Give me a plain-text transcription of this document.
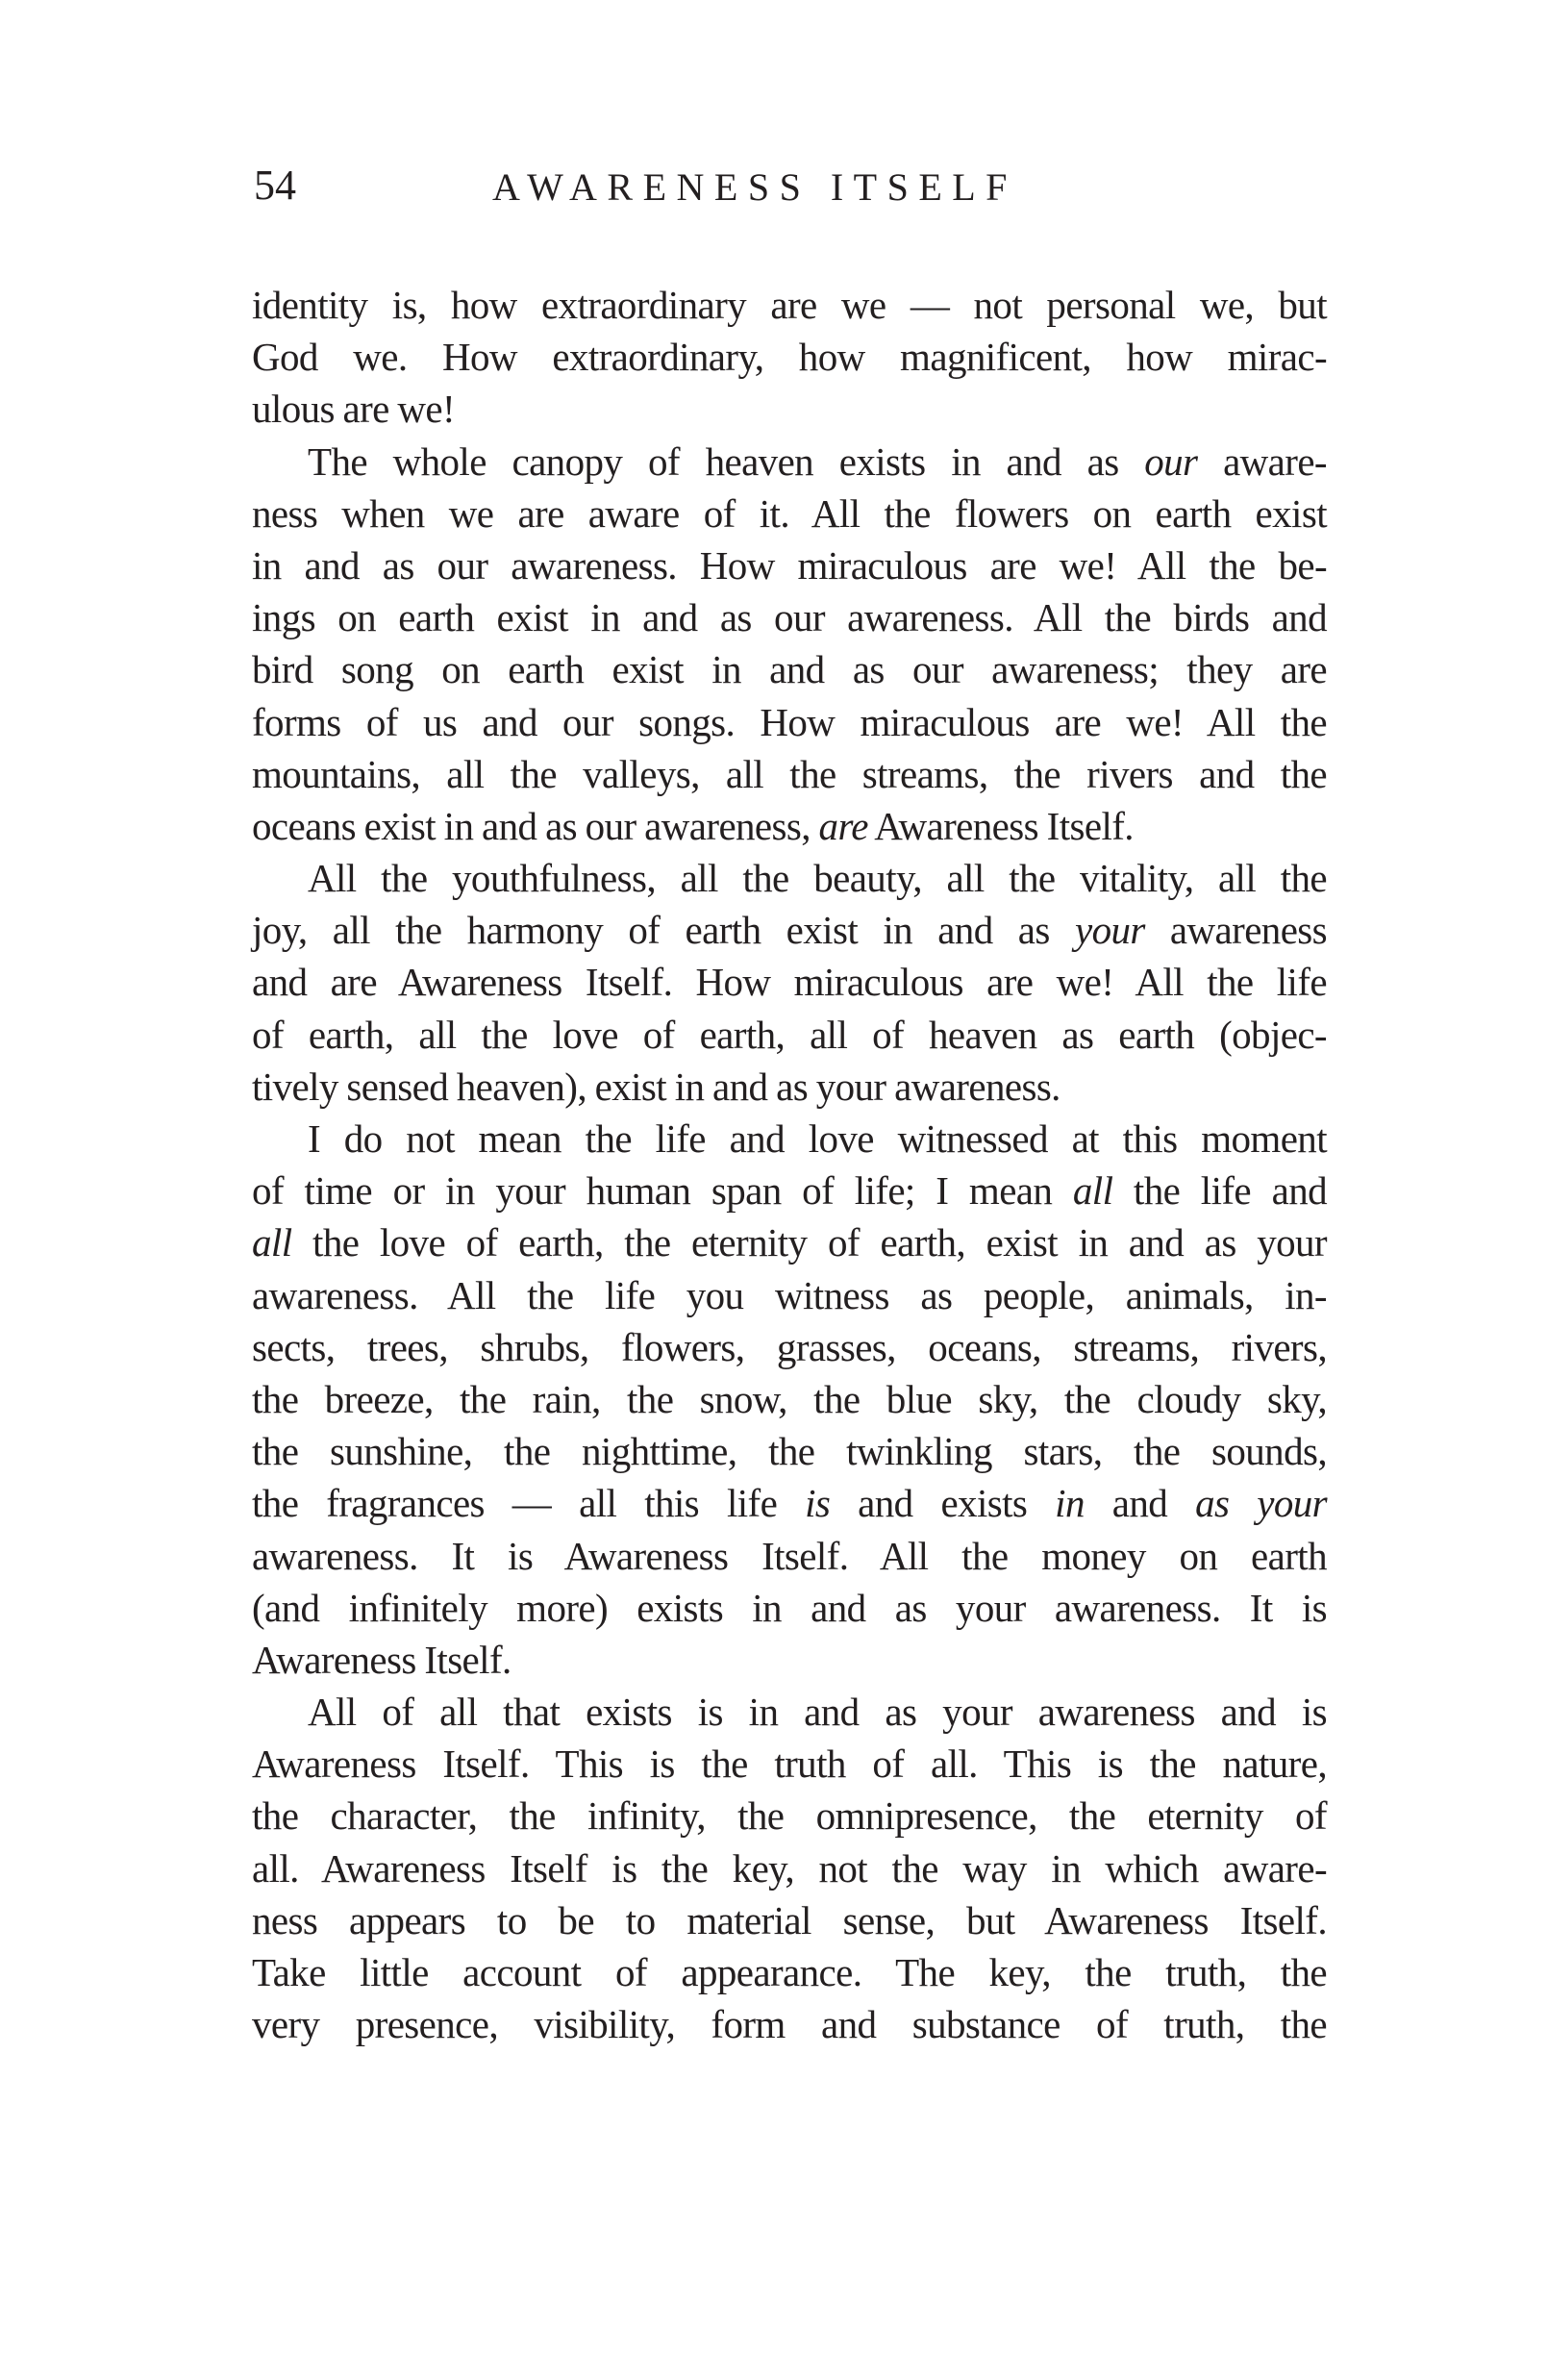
54	AWARENESS ITSELF
identity is, how extraordinary are we — not personal we, but
God we. How extraordinary, how magnificent, how mirac-
ulous are we!
The whole canopy of heaven exists in and as our aware-
ness when we are aware of it. All the flowers on earth exist
in and as our awareness. How miraculous are we! All the be-
ings on earth exist in and as our awareness. All the birds and
bird song on earth exist in and as our awareness; they are
forms of us and our songs. How miraculous are we! All the
mountains, all the valleys, all the streams, the rivers and the
oceans exist in and as our awareness, are Awareness Itself.
All the youthfulness, all the beauty, all the vitality, all the
joy, all the harmony of earth exist in and as your awareness
and are Awareness Itself. How miraculous are we! All the life
of earth, all the love of earth, all of heaven as earth (objec-
tively sensed heaven), exist in and as your awareness.
I do not mean the life and love witnessed at this moment
of time or in your human span of life; I mean all the life and
all the love of earth, the eternity of earth, exist in and as your
awareness. All the life you witness as people, animals, in-
sects, trees, shrubs, flowers, grasses, oceans, streams, rivers,
the breeze, the rain, the snow, the blue sky, the cloudy sky,
the sunshine, the nighttime, the twinkling stars, the sounds,
the fragrances — all this life is and exists in and as your
awareness. It is Awareness Itself. All the money on earth
(and infinitely more) exists in and as your awareness. It is
Awareness Itself.
All of all that exists is in and as your awareness and is
Awareness Itself. This is the truth of all. This is the nature,
the character, the infinity, the omnipresence, the eternity of
all. Awareness Itself is the key, not the way in which aware-
ness appears to be to material sense, but Awareness Itself.
Take little account of appearance. The key, the truth, the
very presence, visibility, form and substance of truth, the
